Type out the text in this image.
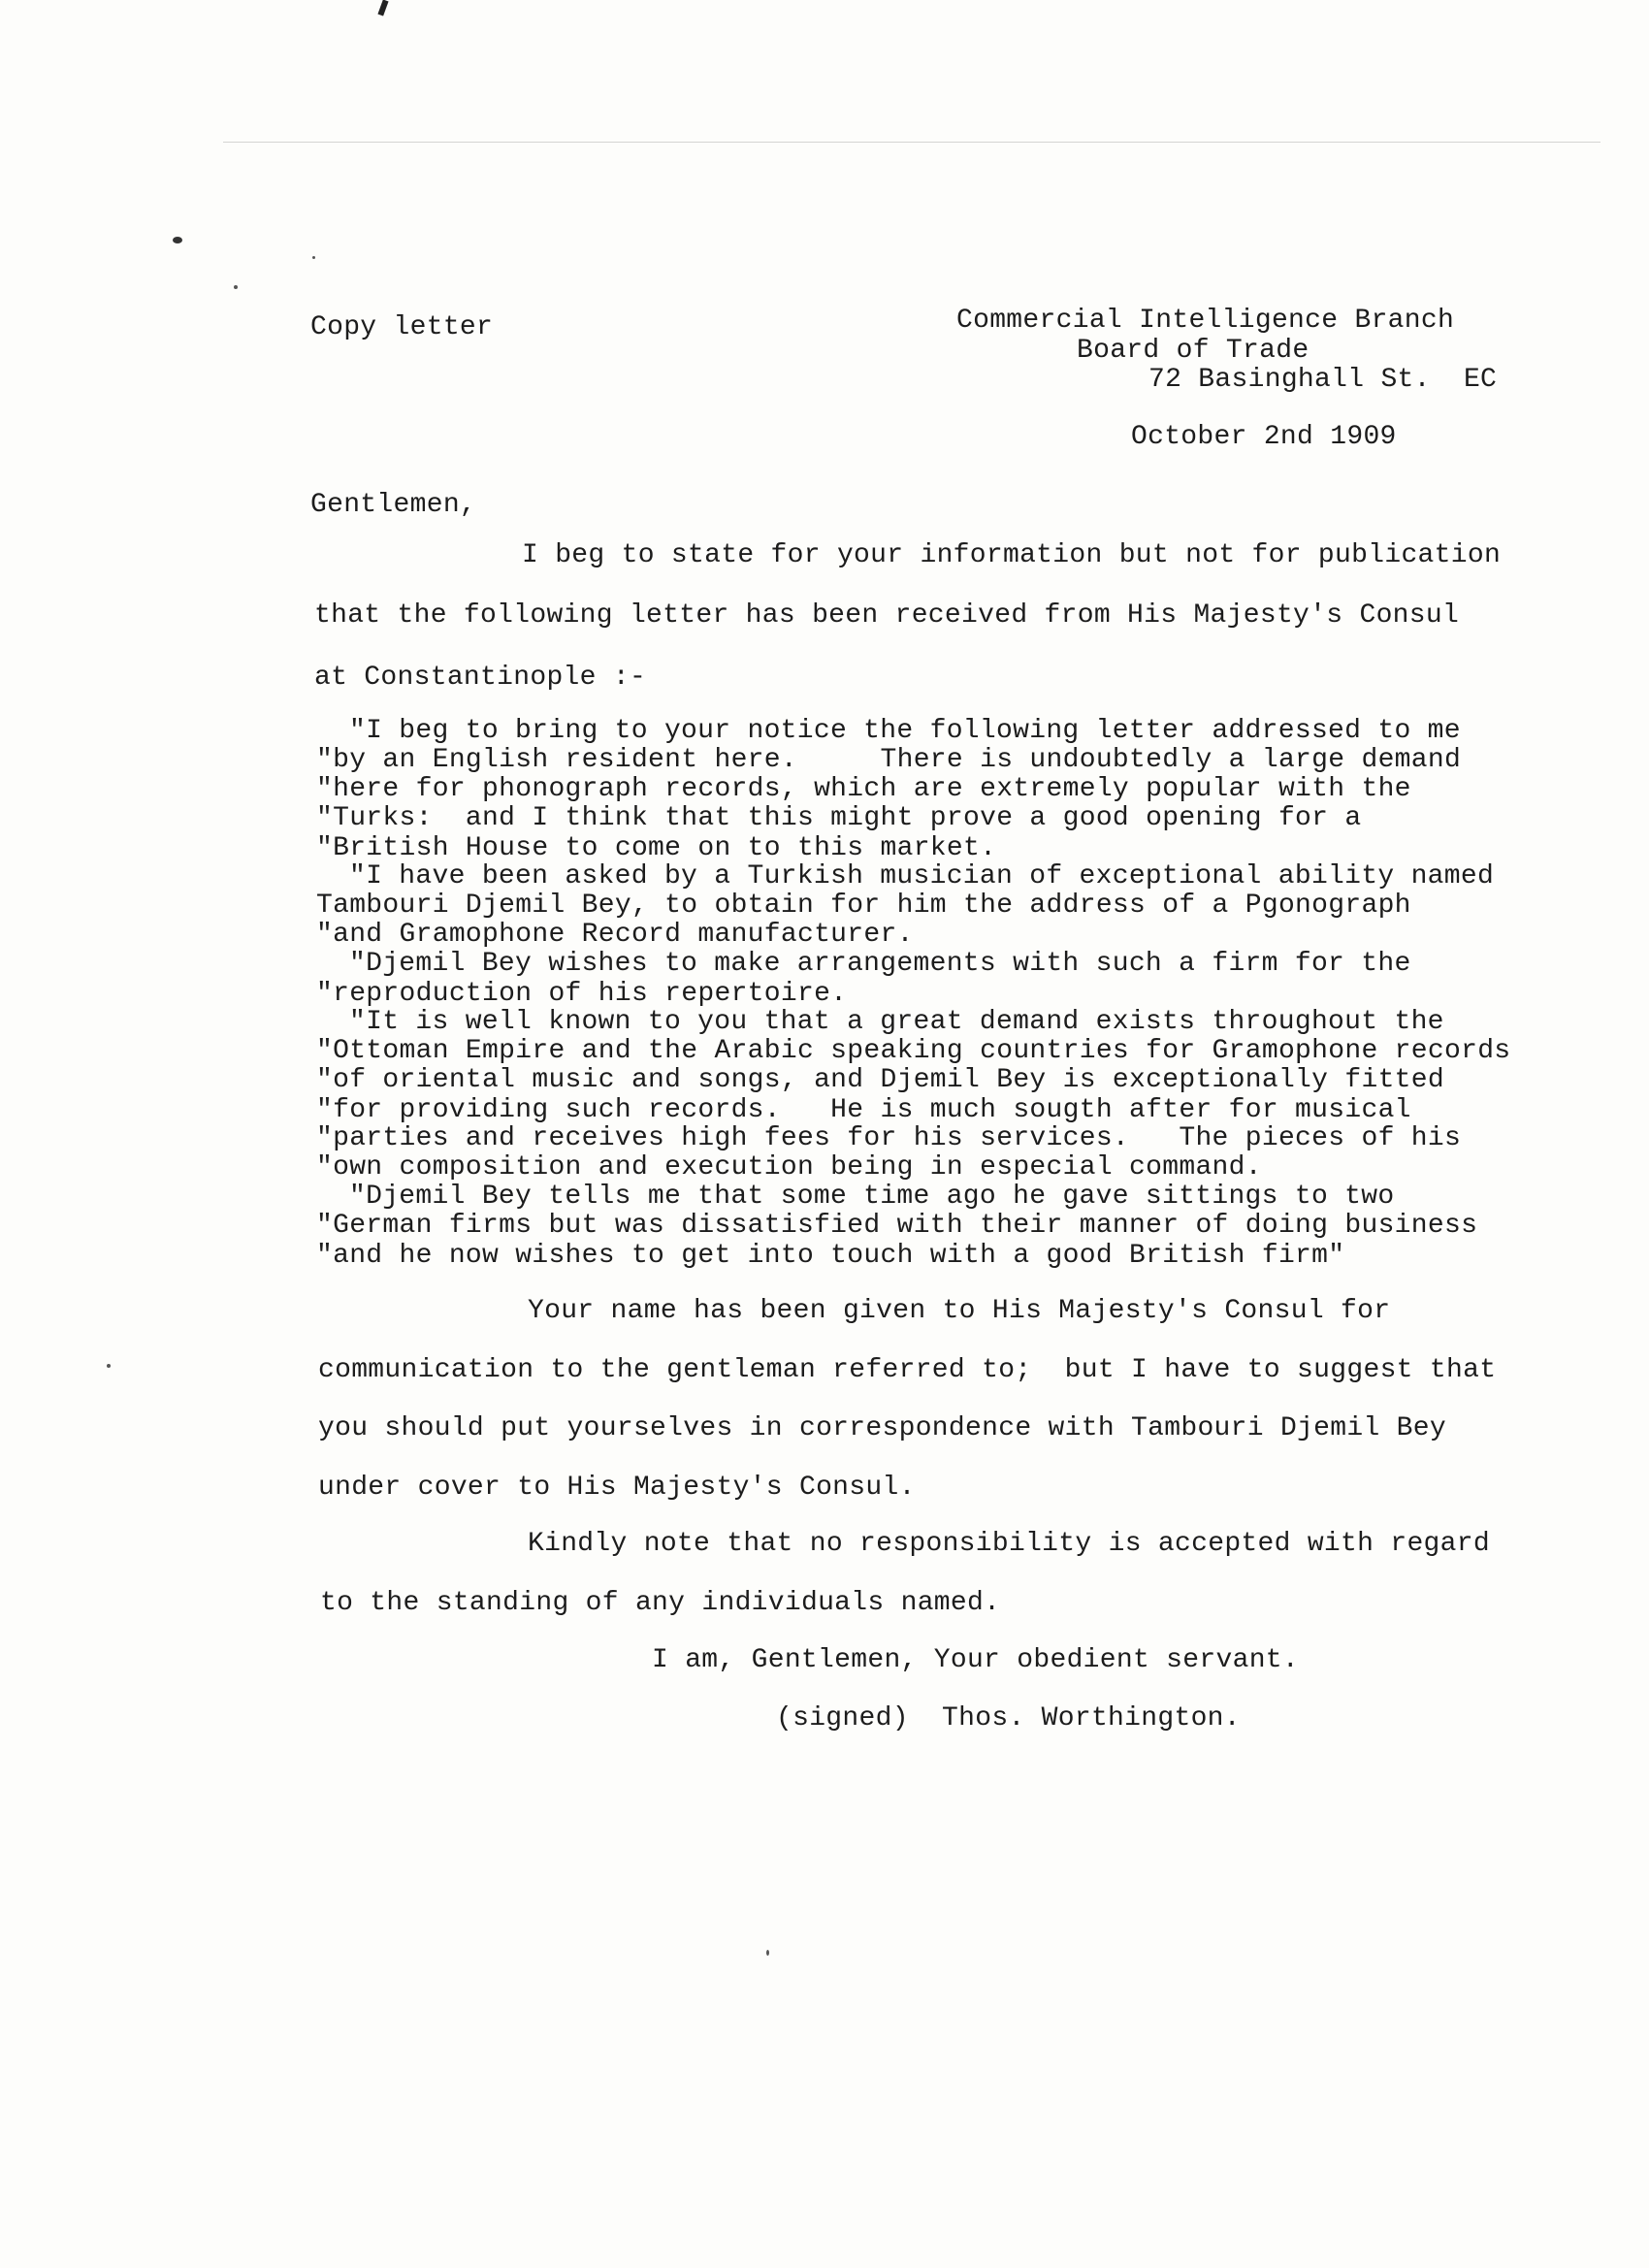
Copy letter	Commercial Intelligence Branch
Board of Trade
72 Basinghall St.  EC
October 2nd 1909
Gentlemen,
I beg to state for your information but not for publication
that the following letter has been received from His Majesty's Consul
at Constantinople :-
"I beg to bring to your notice the following letter addressed to me
"by an English resident here.     There is undoubtedly a large demand
"here for phonograph records, which are extremely popular with the
"Turks:  and I think that this might prove a good opening for a
"British House to come on to this market.
"I have been asked by a Turkish musician of exceptional ability named
Tambouri Djemil Bey, to obtain for him the address of a Pgonograph
"and Gramophone Record manufacturer.
"Djemil Bey wishes to make arrangements with such a firm for the
"reproduction of his repertoire.
"It is well known to you that a great demand exists throughout the
"Ottoman Empire and the Arabic speaking countries for Gramophone records
"of oriental music and songs, and Djemil Bey is exceptionally fitted
"for providing such records.   He is much sougth after for musical
"parties and receives high fees for his services.   The pieces of his
"own composition and execution being in especial command.
"Djemil Bey tells me that some time ago he gave sittings to two
"German firms but was dissatisfied with their manner of doing business
"and he now wishes to get into touch with a good British firm"
Your name has been given to His Majesty's Consul for
communication to the gentleman referred to;  but I have to suggest that
you should put yourselves in correspondence with Tambouri Djemil Bey
under cover to His Majesty's Consul.
Kindly note that no responsibility is accepted with regard
to the standing of any individuals named.
I am, Gentlemen, Your obedient servant.
(signed)  Thos. Worthington.
